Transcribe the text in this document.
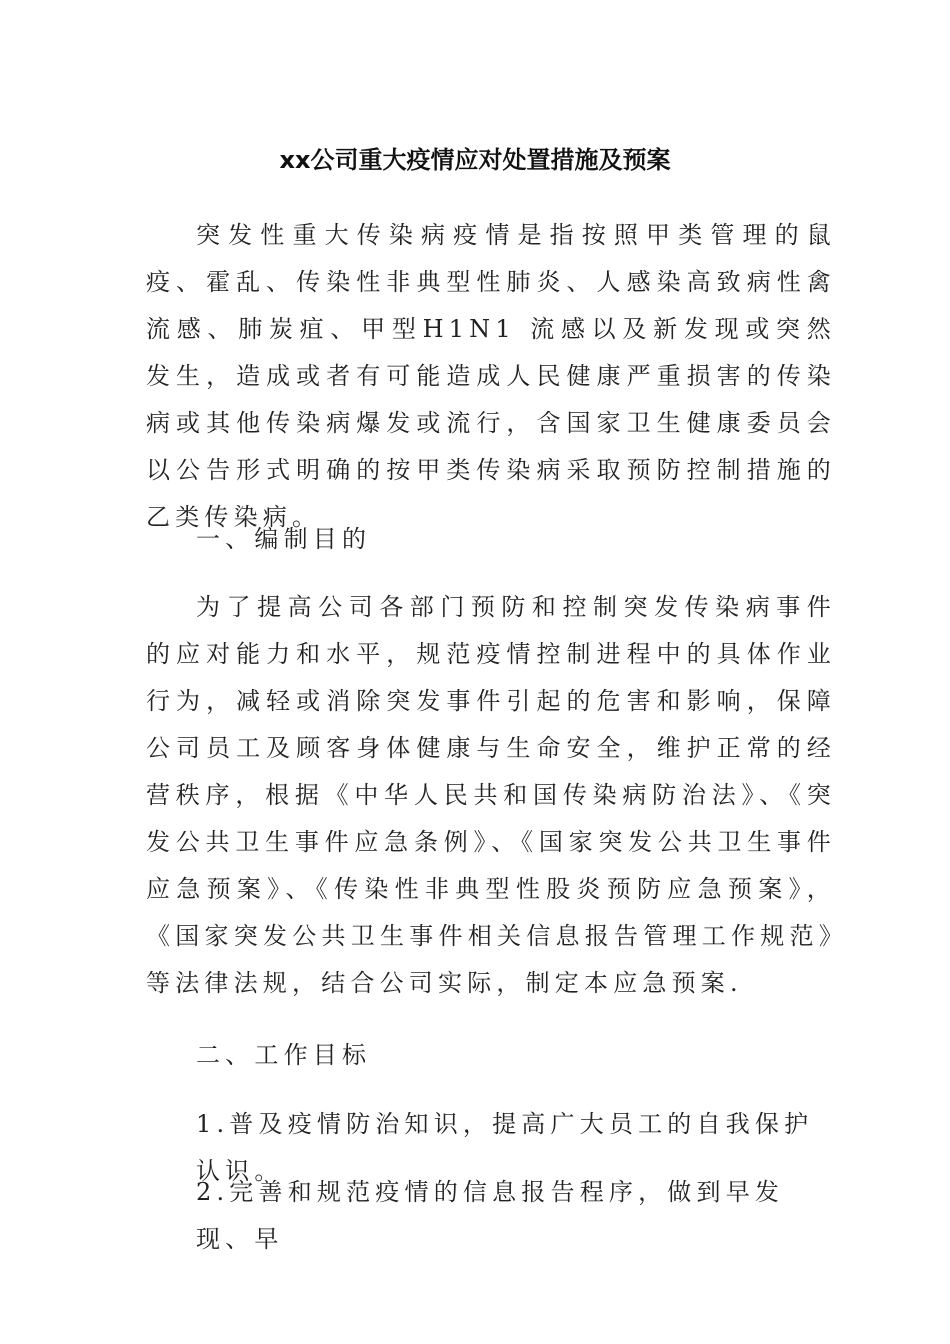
xx公司重大疫情应对处置措施及预案

突发性重大传染病疫情是指按照甲类管理的鼠疫、霍乱、传染性非典型性肺炎、人感染高致病性禽流感、肺炭疽、甲型H1N1 流感以及新发现或突然发生，造成或者有可能造成人民健康严重损害的传染病或其他传染病爆发或流行，含国家卫生健康委员会以公告形式明确的按甲类传染病采取预防控制措施的乙类传染病。

一、编制目的

为了提高公司各部门预防和控制突发传染病事件的应对能力和水平，规范疫情控制进程中的具体作业行为，减轻或消除突发事件引起的危害和影响，保障公司员工及顾客身体健康与生命安全，维护正常的经营秩序，根据《中华人民共和国传染病防治法》、《突发公共卫生事件应急条例》、《国家突发公共卫生事件应急预案》、《传染性非典型性股炎预防应急预案》，《国家突发公共卫生事件相关信息报告管理工作规范》等法律法规，结合公司实际，制定本应急预案.

二、工作目标

1.普及疫情防治知识，提高广大员工的自我保护认识。

2.完善和规范疫情的信息报告程序，做到早发现、早
